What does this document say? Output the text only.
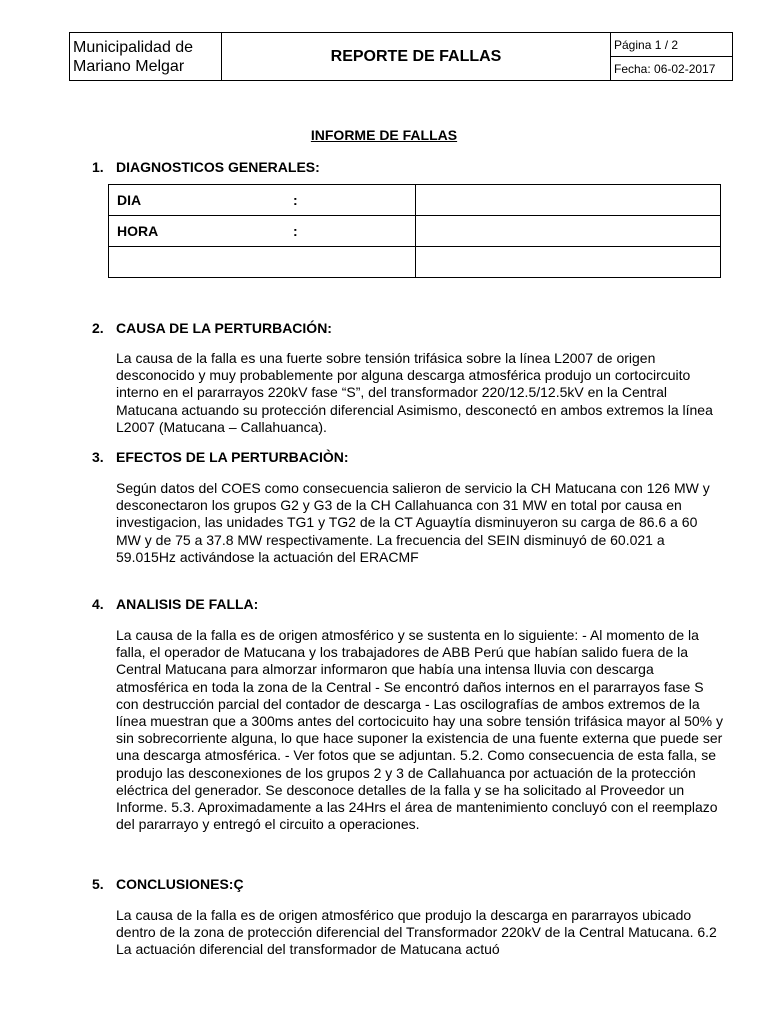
Municipalidad de Mariano Melgar	REPORTE DE FALLAS	Página 1 / 2
Fecha: 06-02-2017
INFORME DE FALLAS
1. DIAGNOSTICOS GENERALES:
DIA :	

HORA :	

2. CAUSA DE LA PERTURBACIÓN:

La causa de la falla es una fuerte sobre tensión trifásica sobre la línea L2007 de origen desconocido y muy probablemente por alguna descarga atmosférica produjo un cortocircuito interno en el pararrayos 220kV fase “S”, del transformador 220/12.5/12.5kV en la Central Matucana actuando su protección diferencial Asimismo, desconectó en ambos extremos la línea L2007 (Matucana – Callahuanca).

3. EFECTOS DE LA PERTURBACIÒN:

Según datos del COES como consecuencia salieron de servicio la CH Matucana con 126 MW y desconectaron los grupos G2 y G3 de la CH Callahuanca con 31 MW en total por causa en investigacion, las unidades TG1 y TG2 de la CT Aguaytía disminuyeron su carga de 86.6 a 60 MW y de 75 a 37.8 MW respectivamente. La frecuencia del SEIN disminuyó de 60.021 a 59.015Hz activándose la actuación del ERACMF

4. ANALISIS DE FALLA:

La causa de la falla es de origen atmosférico y se sustenta en lo siguiente: - Al momento de la falla, el operador de Matucana y los trabajadores de ABB Perú que habían salido fuera de la Central Matucana para almorzar informaron que había una intensa lluvia con descarga atmosférica en toda la zona de la Central - Se encontró daños internos en el pararrayos fase S con destrucción parcial del contador de descarga - Las oscilografías de ambos extremos de la línea muestran que a 300ms antes del cortocicuito hay una sobre tensión trifásica mayor al 50% y sin sobrecorriente alguna, lo que hace suponer la existencia de una fuente externa que puede ser una descarga atmosférica. - Ver fotos que se adjuntan. 5.2. Como consecuencia de esta falla, se produjo las desconexiones de los grupos 2 y 3 de Callahuanca por actuación de la protección eléctrica del generador. Se desconoce detalles de la falla y se ha solicitado al Proveedor un Informe. 5.3. Aproximadamente a las 24Hrs el área de mantenimiento concluyó con el reemplazo del pararrayo y entregó el circuito a operaciones.

5. CONCLUSIONES:Ç

La causa de la falla es de origen atmosférico que produjo la descarga en pararrayos ubicado dentro de la zona de protección diferencial del Transformador 220kV de la Central Matucana. 6.2 La actuación diferencial del transformador de Matucana actuó
